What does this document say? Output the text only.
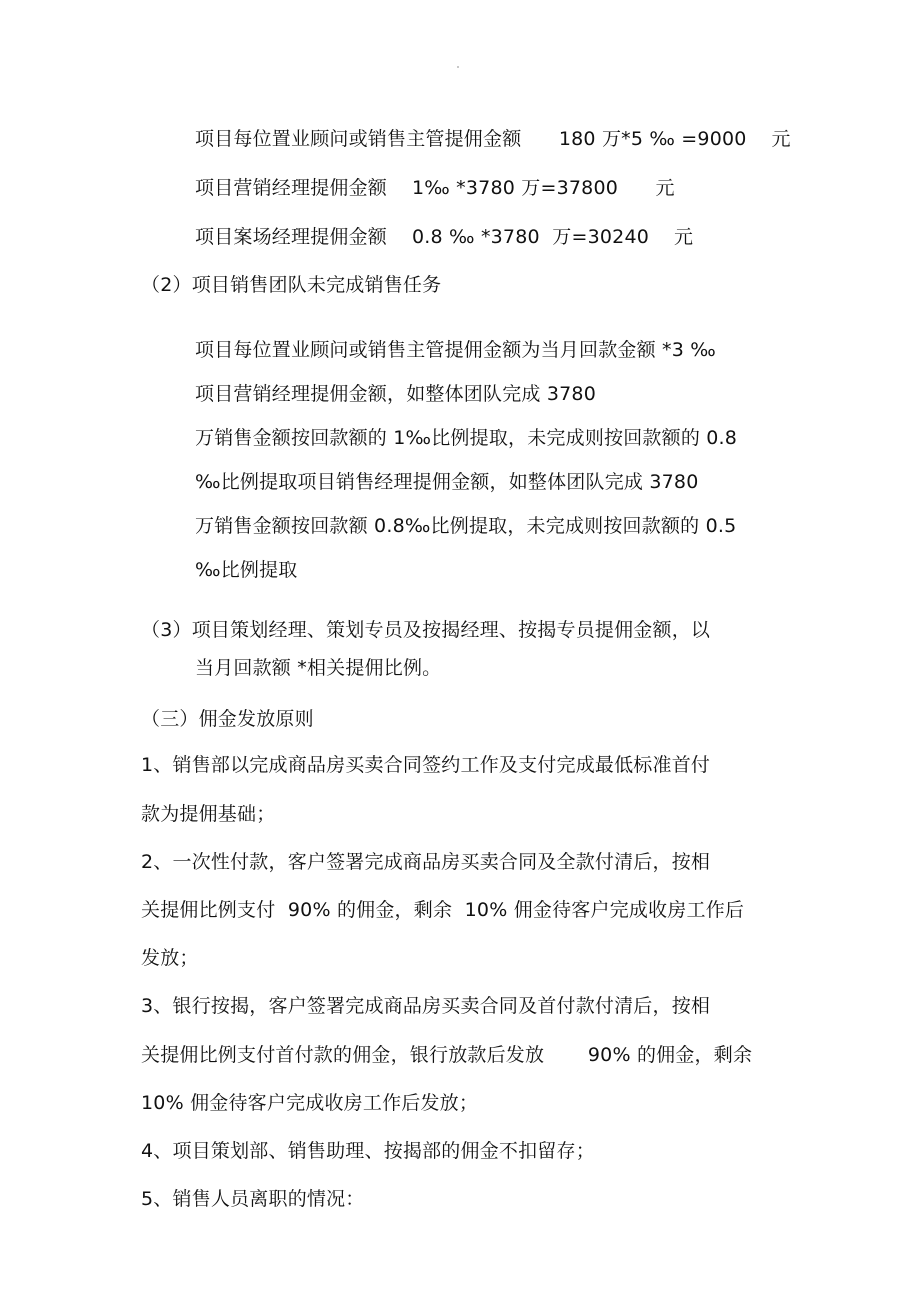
项目每位置业顾问或销售主管提佣金额      180 万*5 ‰ =9000    元
项目营销经理提佣金额    1‰ *3780 万=37800      元
项目案场经理提佣金额    0.8 ‰ *3780  万=30240    元
（2）项目销售团队未完成销售任务
项目每位置业顾问或销售主管提佣金额为当月回款金额 *3 ‰
项目营销经理提佣金额，如整体团队完成 3780
万销售金额按回款额的 1‰比例提取，未完成则按回款额的 0.8
‰比例提取项目销售经理提佣金额，如整体团队完成 3780
万销售金额按回款额 0.8‰比例提取，未完成则按回款额的 0.5
‰比例提取
（3）项目策划经理、策划专员及按揭经理、按揭专员提佣金额，以
当月回款额 *相关提佣比例。
（三）佣金发放原则
1、销售部以完成商品房买卖合同签约工作及支付完成最低标准首付
款为提佣基础；
2、一次性付款，客户签署完成商品房买卖合同及全款付清后，按相
关提佣比例支付  90% 的佣金，剩余  10% 佣金待客户完成收房工作后
发放；
3、银行按揭，客户签署完成商品房买卖合同及首付款付清后，按相
关提佣比例支付首付款的佣金，银行放款后发放       90% 的佣金，剩余
10% 佣金待客户完成收房工作后发放；
4、项目策划部、销售助理、按揭部的佣金不扣留存；
5、销售人员离职的情况：
